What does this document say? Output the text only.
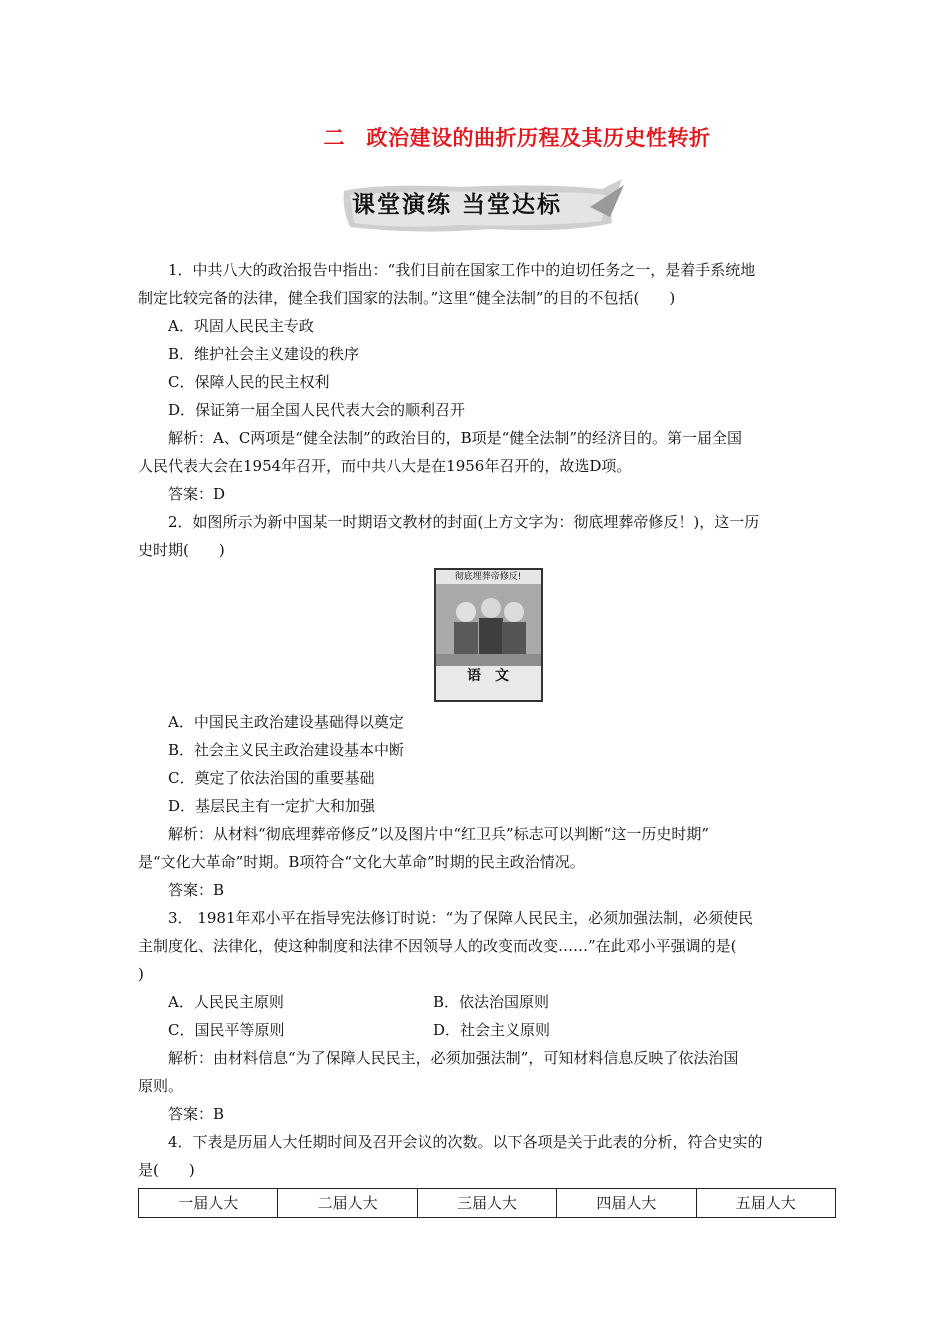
二　政治建设的曲折历程及其历史性转折
课堂演练 当堂达标

1．中共八大的政治报告中指出：“我们目前在国家工作中的迫切任务之一，是着手系统地

制定比较完备的法律，健全我们国家的法制。”这里“健全法制”的目的不包括(　　)

A．巩固人民民主专政

B．维护社会主义建设的秩序

C．保障人民的民主权利

D．保证第一届全国人民代表大会的顺利召开

解析：A、C两项是“健全法制”的政治目的，B项是“健全法制”的经济目的。第一届全国

人民代表大会在1954年召开，而中共八大是在1956年召开的，故选D项。

答案：D

2．如图所示为新中国某一时期语文教材的封面(上方文字为：彻底埋葬帝修反！)，这一历

史时期(　　)

彻底埋葬帝修反!
语　文

A．中国民主政治建设基础得以奠定

B．社会主义民主政治建设基本中断

C．奠定了依法治国的重要基础

D．基层民主有一定扩大和加强

解析：从材料“彻底埋葬帝修反”以及图片中“红卫兵”标志可以判断“这一历史时期”

是“文化大革命”时期。B项符合“文化大革命”时期的民主政治情况。

答案：B

3． 1981年邓小平在指导宪法修订时说：“为了保障人民民主，必须加强法制，必须使民

主制度化、法律化，使这种制度和法律不因领导人的改变而改变……”在此邓小平强调的是(

)

A．人民民主原则	B．依法治国原则
C．国民平等原则	D．社会主义原则

解析：由材料信息“为了保障人民民主，必须加强法制”，可知材料信息反映了依法治国

原则。

答案：B

4．下表是历届人大任期时间及召开会议的次数。以下各项是关于此表的分析，符合史实的

是(　　)

一届人大	二届人大	三届人大	四届人大	五届人大
